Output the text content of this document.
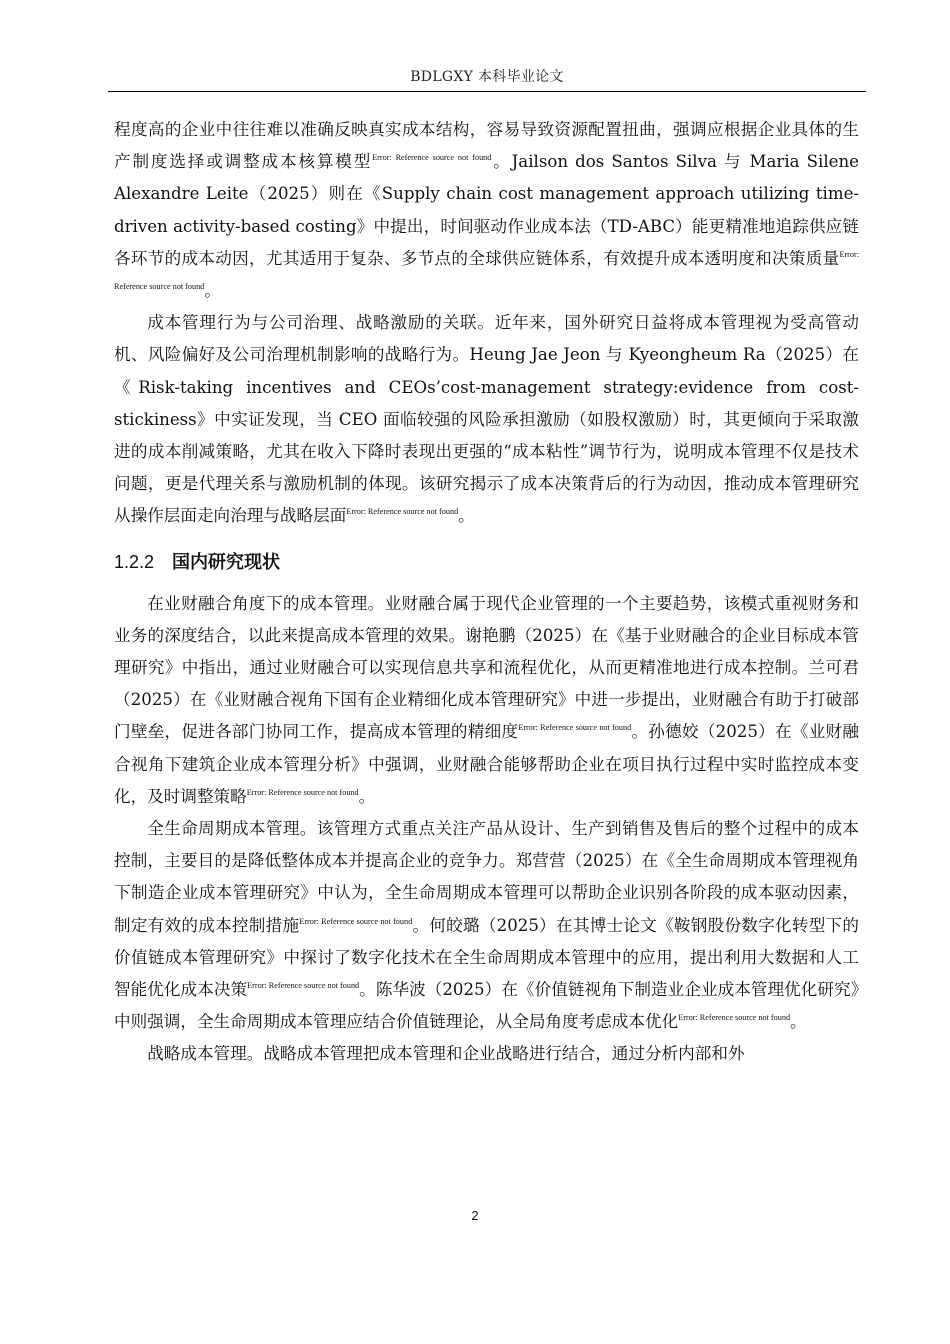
BDLGXY 本科毕业论文

程度高的企业中往往难以准确反映真实成本结构，容易导致资源配置扭曲，强调应根据企业具体的生产制度选择或调整成本核算模型$^{Error: Reference source not found}$。Jailson dos Santos Silva 与 Maria Silene Alexandre Leite（2025）则在《Supply chain cost management approach utilizing time-driven activity-based costing》中提出，时间驱动作业成本法（TD-ABC）能更精准地追踪供应链各环节的成本动因，尤其适用于复杂、多节点的全球供应链体系，有效提升成本透明度和决策质量$^{Error: Reference source not found}$。

成本管理行为与公司治理、战略激励的关联。近年来，国外研究日益将成本管理视为受高管动机、风险偏好及公司治理机制影响的战略行为。Heung Jae Jeon 与 Kyeongheum Ra（2025）在《Risk-taking incentives and CEOs’cost-management strategy:evidence from cost-stickiness》中实证发现，当 CEO 面临较强的风险承担激励（如股权激励）时，其更倾向于采取激进的成本削减策略，尤其在收入下降时表现出更强的“成本粘性”调节行为，说明成本管理不仅是技术问题，更是代理关系与激励机制的体现。该研究揭示了成本决策背后的行为动因，推动成本管理研究从操作层面走向治理与战略层面$^{Error: Reference source not found}$。

1.2.2 国内研究现状

在业财融合角度下的成本管理。业财融合属于现代企业管理的一个主要趋势，该模式重视财务和业务的深度结合，以此来提高成本管理的效果。谢艳鹏（2025）在《基于业财融合的企业目标成本管理研究》中指出，通过业财融合可以实现信息共享和流程优化，从而更精准地进行成本控制。兰可君（2025）在《业财融合视角下国有企业精细化成本管理研究》中进一步提出，业财融合有助于打破部门壁垒，促进各部门协同工作，提高成本管理的精细度$^{Error: Reference source not found}$。孙德姣（2025）在《业财融合视角下建筑企业成本管理分析》中强调，业财融合能够帮助企业在项目执行过程中实时监控成本变化，及时调整策略$^{Error: Reference source not found}$。

全生命周期成本管理。该管理方式重点关注产品从设计、生产到销售及售后的整个过程中的成本控制，主要目的是降低整体成本并提高企业的竞争力。郑营营（2025）在《全生命周期成本管理视角下制造企业成本管理研究》中认为，全生命周期成本管理可以帮助企业识别各阶段的成本驱动因素，制定有效的成本控制措施$^{Error: Reference source not found}$。何皎璐（2025）在其博士论文《鞍钢股份数字化转型下的价值链成本管理研究》中探讨了数字化技术在全生命周期成本管理中的应用，提出利用大数据和人工智能优化成本决策$^{Error: Reference source not found}$。陈华波（2025）在《价值链视角下制造业企业成本管理优化研究》中则强调，全生命周期成本管理应结合价值链理论，从全局角度考虑成本优化$^{Error: Reference source not found}$。

战略成本管理。战略成本管理把成本管理和企业战略进行结合，通过分析内部和外

2
